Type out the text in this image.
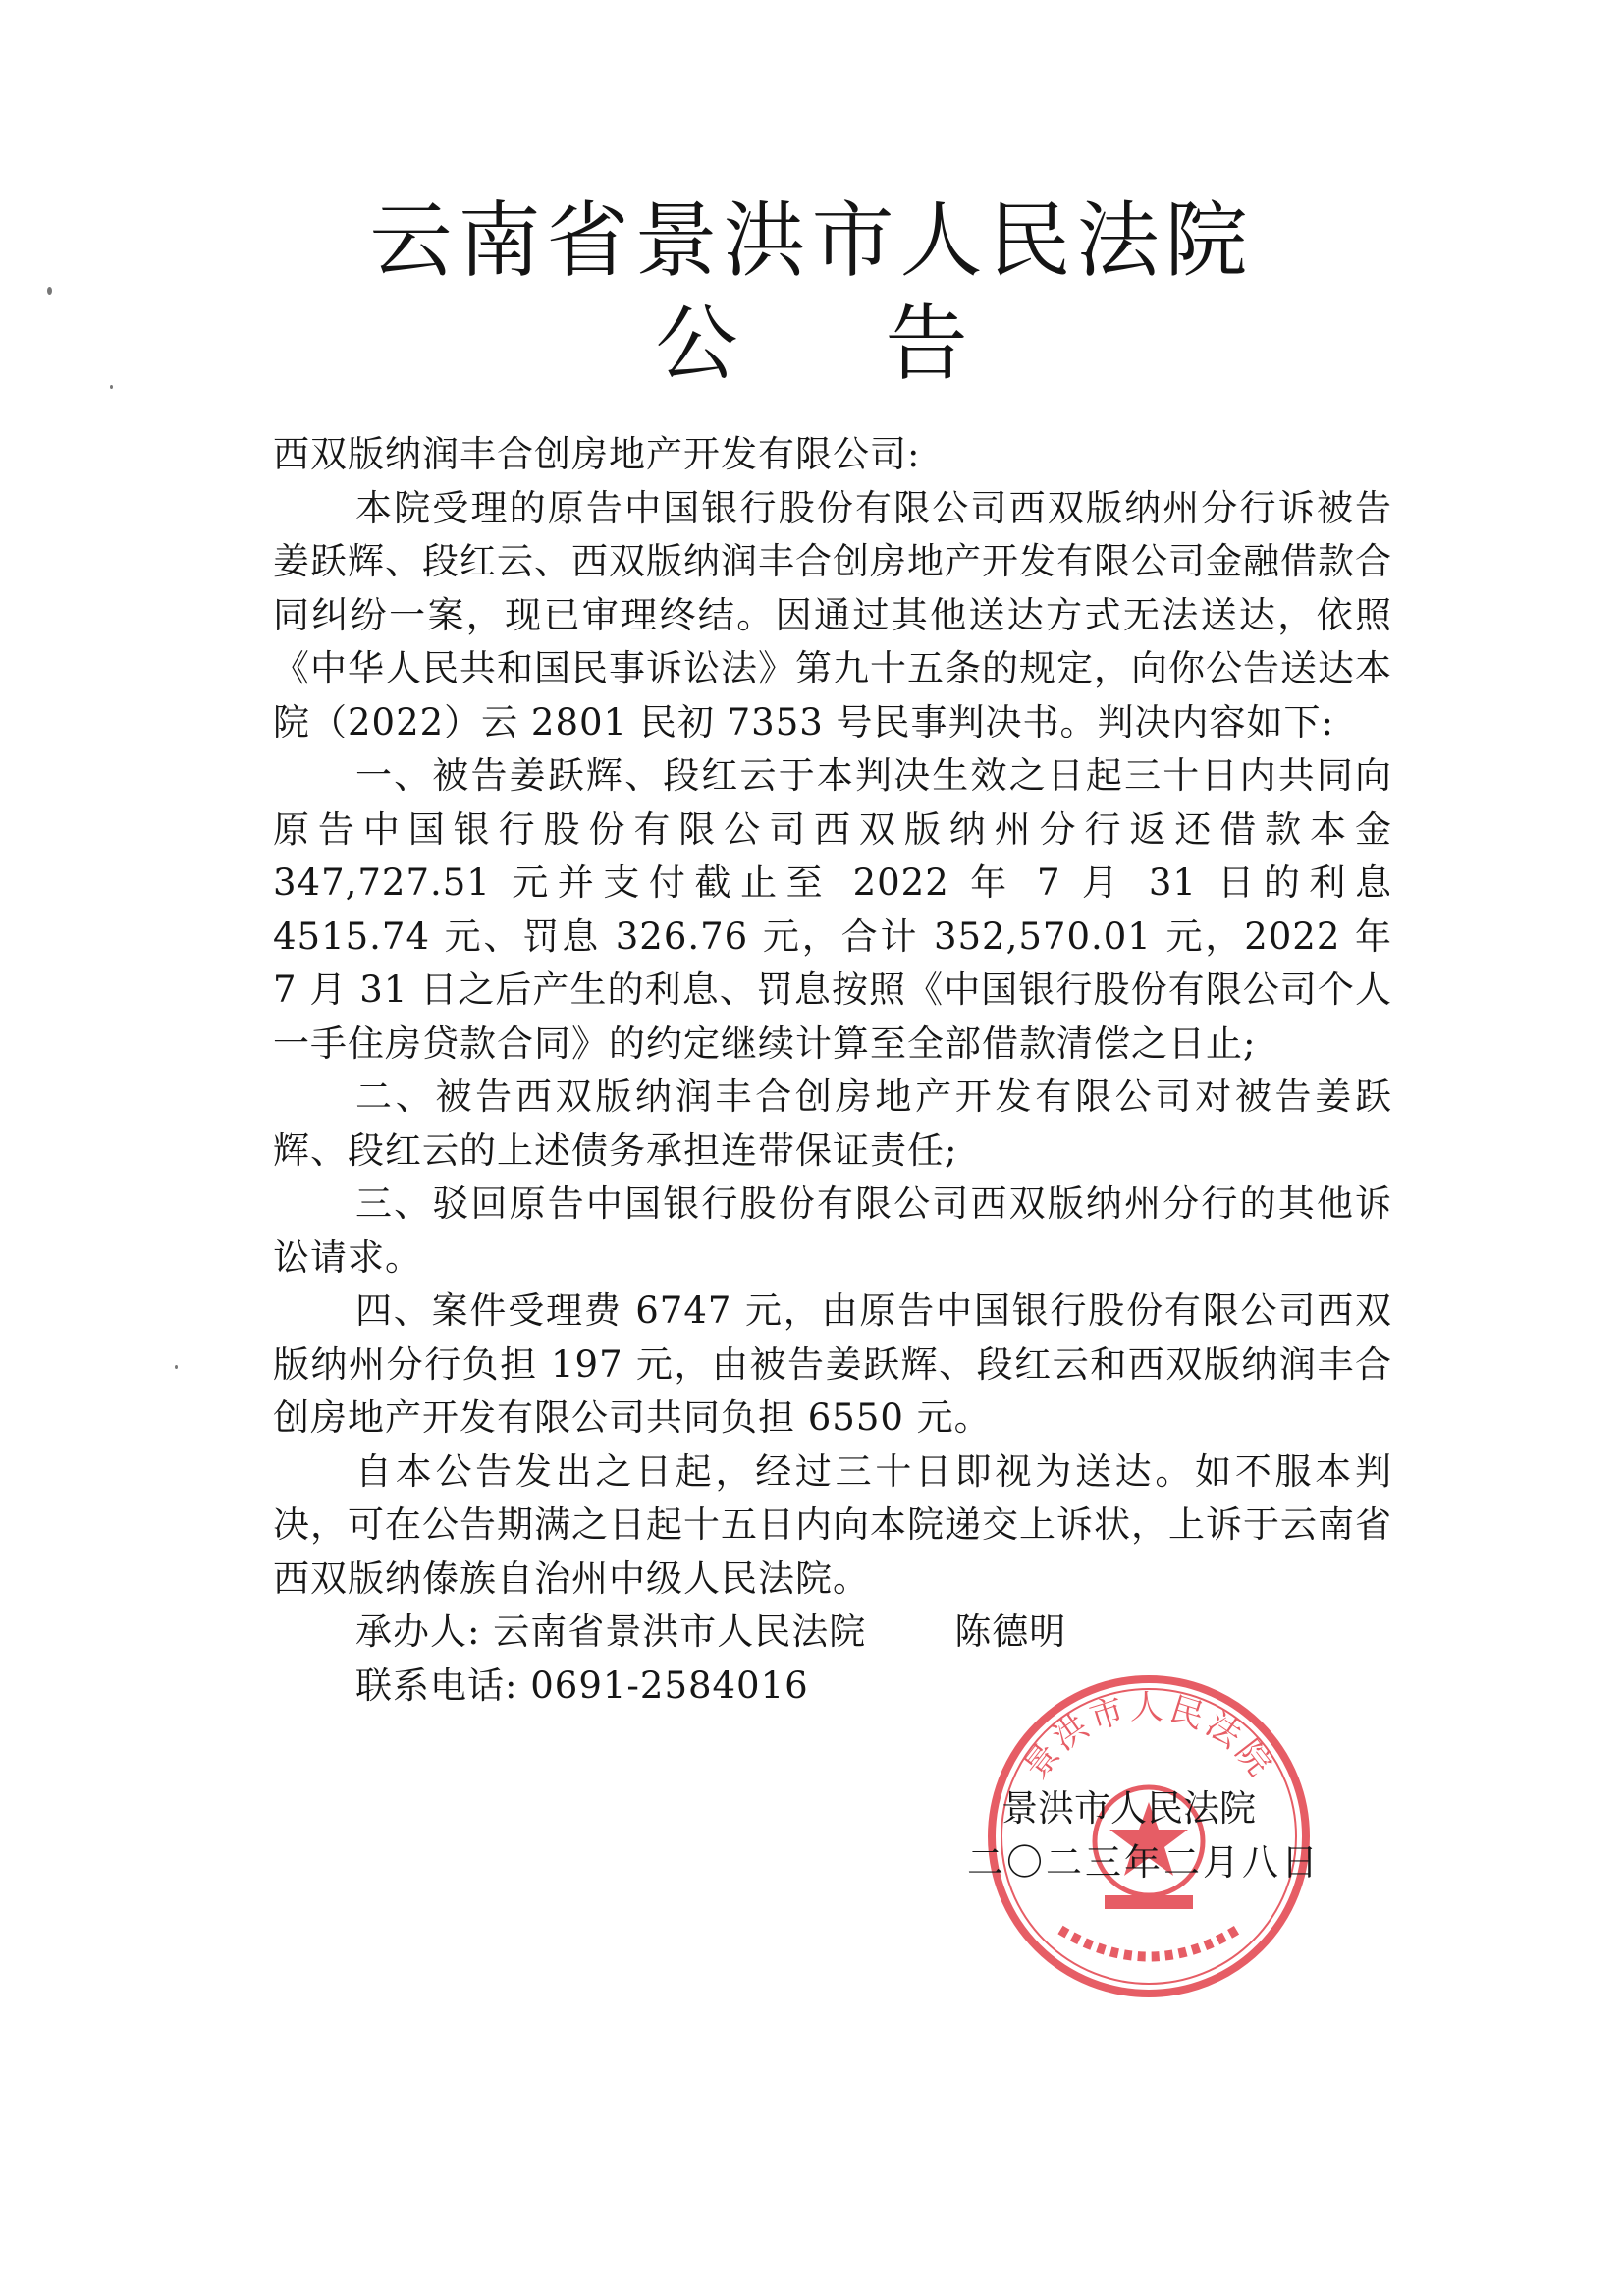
云南省景洪市人民法院
公 告

西双版纳润丰合创房地产开发有限公司:

本院受理的原告中国银行股份有限公司西双版纳州分行诉被告姜跃辉、段红云、西双版纳润丰合创房地产开发有限公司金融借款合同纠纷一案，现已审理终结。因通过其他送达方式无法送达，依照《中华人民共和国民事诉讼法》第九十五条的规定，向你公告送达本院（2022）云 2801 民初 7353 号民事判决书。判决内容如下:

一、被告姜跃辉、段红云于本判决生效之日起三十日内共同向原告中国银行股份有限公司西双版纳州分行返还借款本金 347,727.51 元并支付截止至 2022 年 7 月 31 日的利息 4515.74 元、罚息 326.76 元，合计 352,570.01 元，2022 年 7 月 31 日之后产生的利息、罚息按照《中国银行股份有限公司个人一手住房贷款合同》的约定继续计算至全部借款清偿之日止;

二、被告西双版纳润丰合创房地产开发有限公司对被告姜跃辉、段红云的上述债务承担连带保证责任;

三、驳回原告中国银行股份有限公司西双版纳州分行的其他诉讼请求。

四、案件受理费 6747 元，由原告中国银行股份有限公司西双版纳州分行负担 197 元，由被告姜跃辉、段红云和西双版纳润丰合创房地产开发有限公司共同负担 6550 元。

自本公告发出之日起，经过三十日即视为送达。如不服本判决，可在公告期满之日起十五日内向本院递交上诉状，上诉于云南省西双版纳傣族自治州中级人民法院。

承办人: 云南省景洪市人民法院 陈德明

联系电话: 0691-2584016

景洪市人民法院
景洪市人民法院
二〇二三年二月八日
